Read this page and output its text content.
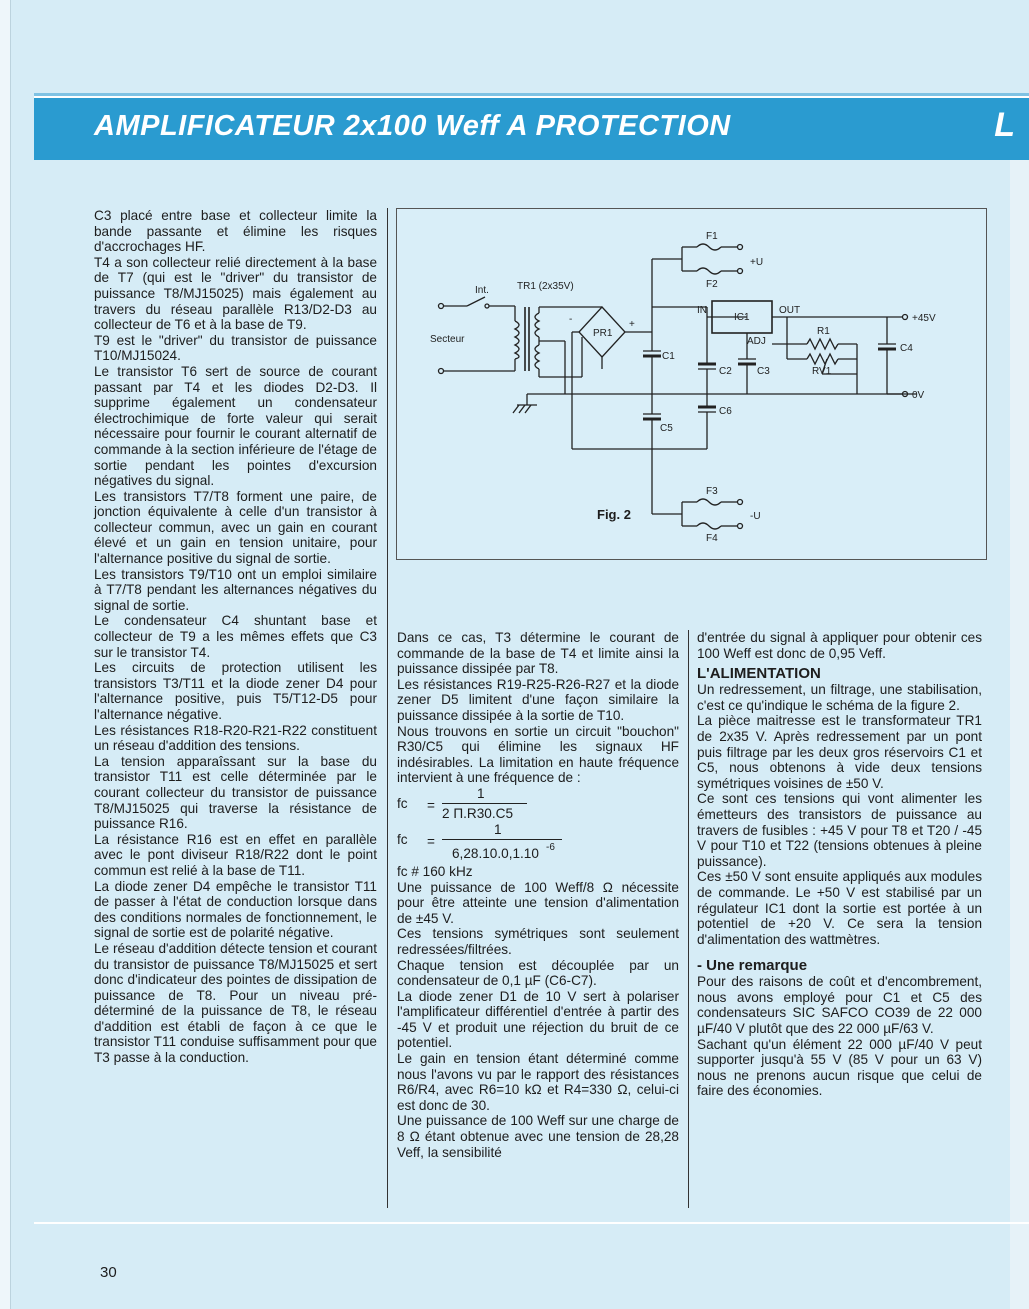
AMPLIFICATEUR 2x100 Weff A PROTECTION	L

C3 placé entre base et collecteur limite la bande passante et élimine les risques d'accrochages HF.

T4 a son collecteur relié directement à la base de T7 (qui est le "driver" du transistor de puissance T8/MJ15025) mais également au travers du réseau parallèle R13/D2-D3 au collecteur de T6 et à la base de T9.

T9 est le "driver" du transistor de puissance T10/MJ15024.

Le transistor T6 sert de source de courant passant par T4 et les diodes D2-D3. Il supprime également un condensateur électrochimique de forte valeur qui serait nécessaire pour fournir le courant alternatif de commande à la section inférieure de l'étage de sortie pendant les pointes d'excursion négatives du signal.

Les transistors T7/T8 forment une paire, de jonction équivalente à celle d'un transistor à collecteur commun, avec un gain en courant élevé et un gain en tension unitaire, pour l'alternance positive du signal de sortie.

Les transistors T9/T10 ont un emploi similaire à T7/T8 pendant les alternances négatives du signal de sortie.

Le condensateur C4 shuntant base et collecteur de T9 a les mêmes effets que C3 sur le transistor T4.

Les circuits de protection utilisent les transistors T3/T11 et la diode zener D4 pour l'alternance positive, puis T5/T12-D5 pour l'alternance négative.

Les résistances R18-R20-R21-R22 constituent un réseau d'addition des tensions.

La tension apparaîssant sur la base du transistor T11 est celle déterminée par le courant collecteur du transistor de puissance T8/MJ15025 qui traverse la résistance de puissance R16.

La résistance R16 est en effet en parallèle avec le pont diviseur R18/R22 dont le point commun est relié à la base de T11.

La diode zener D4 empêche le transistor T11 de passer à l'état de conduction lorsque dans des conditions normales de fonctionnement, le signal de sortie est de polarité négative.

Le réseau d'addition détecte tension et courant du transistor de puissance T8/MJ15025 et sert donc d'indicateur des pointes de dissipation de puissance de T8. Pour un niveau pré-déterminé de la puissance de T8, le réseau d'addition est établi de façon à ce que le transistor T11 conduise suffisamment pour que T3 passe à la conduction.

Secteur
Int.	TR1 (2x35V)
PR1
+
-
F1
F2
+U
IN	OUT
IC1
ADJ
R1
RV1
C1
C2	C3
C4
C5
C6
+45V
0V
F3
F4
-U
Fig. 2

Dans ce cas, T3 détermine le courant de commande de la base de T4 et limite ainsi la puissance dissipée par T8.

Les résistances R19-R25-R26-R27 et la diode zener D5 limitent d'une façon similaire la puissance dissipée à la sortie de T10.

Nous trouvons en sortie un circuit "bouchon" R30/C5 qui élimine les signaux HF indésirables. La limitation en haute fréquence intervient à une fréquence de :

fc =
1
2 Π.R30.C5
fc =
1
6,28.10.0,1.10 -6

fc # 160 kHz

Une puissance de 100 Weff/8 Ω nécessite pour être atteinte une tension d'alimentation de ±45 V.

Ces tensions symétriques sont seulement redressées/filtrées.

Chaque tension est découplée par un condensateur de 0,1 µF (C6-C7).

La diode zener D1 de 10 V sert à polariser l'amplificateur différentiel d'entrée à partir des -45 V et produit une réjection du bruit de ce potentiel.

Le gain en tension étant déterminé comme nous l'avons vu par le rapport des résistances R6/R4, avec R6=10 kΩ et R4=330 Ω, celui-ci est donc de 30.

Une puissance de 100 Weff sur une charge de 8 Ω étant obtenue avec une tension de 28,28 Veff, la sensibilité

d'entrée du signal à appliquer pour obtenir ces 100 Weff est donc de 0,95 Veff.

L'ALIMENTATION

Un redressement, un filtrage, une stabilisation, c'est ce qu'indique le schéma de la figure 2.

La pièce maitresse est le transformateur TR1 de 2x35 V. Après redressement par un pont puis filtrage par les deux gros réservoirs C1 et C5, nous obtenons à vide deux tensions symétriques voisines de ±50 V.

Ce sont ces tensions qui vont alimenter les émetteurs des transistors de puissance au travers de fusibles : +45 V pour T8 et T20 / -45 V pour T10 et T22 (tensions obtenues à pleine puissance).

Ces ±50 V sont ensuite appliqués aux modules de commande. Le +50 V est stabilisé par un régulateur IC1 dont la sortie est portée à un potentiel de +20 V. Ce sera la tension d'alimentation des wattmètres.

- Une remarque

Pour des raisons de coût et d'encombrement, nous avons employé pour C1 et C5 des condensateurs SIC SAFCO CO39 de 22 000 µF/40 V plutôt que des 22 000 µF/63 V.

Sachant qu'un élément 22 000 µF/40 V peut supporter jusqu'à 55 V (85 V pour un 63 V) nous ne prenons aucun risque que celui de faire des économies.

30
